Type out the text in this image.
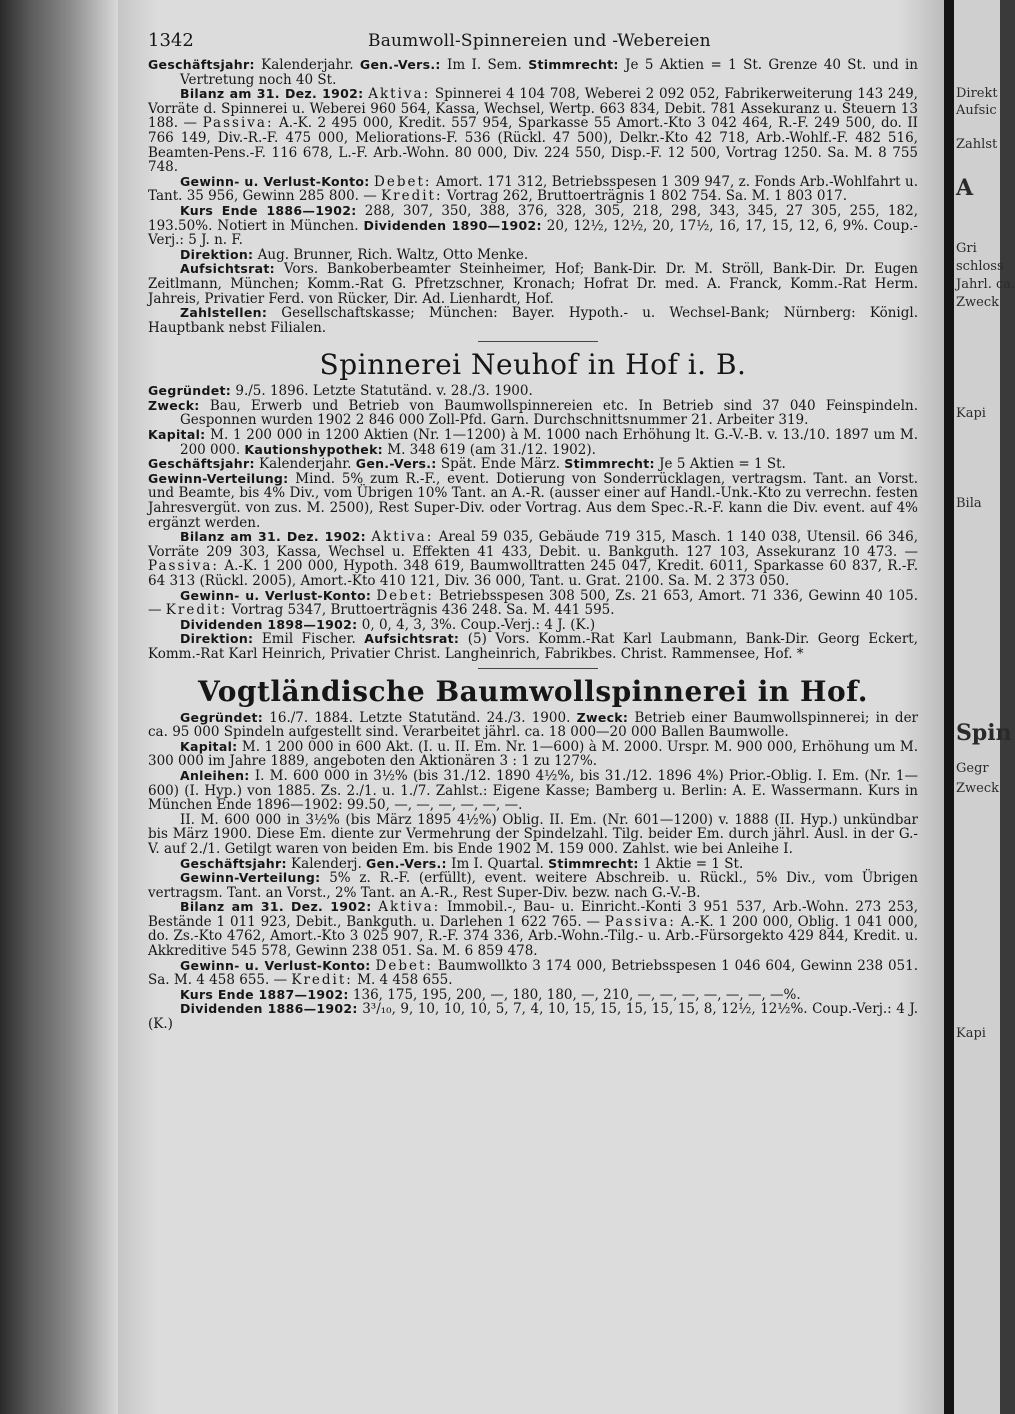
1342	Baumwoll-Spinnereien und -Webereien

Geschäftsjahr: Kalenderjahr. Gen.-Vers.: Im I. Sem. Stimmrecht: Je 5 Aktien = 1 St. Grenze 40 St. und in Vertretung noch 40 St.

Bilanz am 31. Dez. 1902: Aktiva: Spinnerei 4 104 708, Weberei 2 092 052, Fabrikerweiterung 143 249, Vorräte d. Spinnerei u. Weberei 960 564, Kassa, Wechsel, Wertp. 663 834, Debit. 781 Assekuranz u. Steuern 13 188. — Passiva: A.-K. 2 495 000, Kredit. 557 954, Sparkasse 55 Amort.-Kto 3 042 464, R.-F. 249 500, do. II 766 149, Div.-R.-F. 475 000, Meliorations-F. 536 (Rückl. 47 500), Delkr.-Kto 42 718, Arb.-Wohlf.-F. 482 516, Beamten-Pens.-F. 116 678, L.-F. Arb.-Wohn. 80 000, Div. 224 550, Disp.-F. 12 500, Vortrag 1250. Sa. M. 8 755 748.

Gewinn- u. Verlust-Konto: Debet: Amort. 171 312, Betriebsspesen 1 309 947, z. Fonds Arb.-Wohlfahrt u. Tant. 35 956, Gewinn 285 800. — Kredit: Vortrag 262, Bruttoerträgnis 1 802 754. Sa. M. 1 803 017.

Kurs Ende 1886—1902: 288, 307, 350, 388, 376, 328, 305, 218, 298, 343, 345, 27 305, 255, 182, 193.50%. Notiert in München. Dividenden 1890—1902: 20, 12½, 12½, 20, 17½, 16, 17, 15, 12, 6, 9%. Coup.-Verj.: 5 J. n. F.

Direktion: Aug. Brunner, Rich. Waltz, Otto Menke.

Aufsichtsrat: Vors. Bankoberbeamter Steinheimer, Hof; Bank-Dir. Dr. M. Ströll, Bank-Dir. Dr. Eugen Zeitlmann, München; Komm.-Rat G. Pfretzschner, Kronach; Hofrat Dr. med. A. Franck, Komm.-Rat Herm. Jahreis, Privatier Ferd. von Rücker, Dir. Ad. Lienhardt, Hof.

Zahlstellen: Gesellschaftskasse; München: Bayer. Hypoth.- u. Wechsel-Bank; Nürnberg: Königl. Hauptbank nebst Filialen.

Spinnerei Neuhof in Hof i. B.

Gegründet: 9./5. 1896. Letzte Statutänd. v. 28./3. 1900.

Zweck: Bau, Erwerb und Betrieb von Baumwollspinnereien etc. In Betrieb sind 37 040 Feinspindeln. Gesponnen wurden 1902 2 846 000 Zoll-Pfd. Garn. Durchschnittsnummer 21. Arbeiter 319.

Kapital: M. 1 200 000 in 1200 Aktien (Nr. 1—1200) à M. 1000 nach Erhöhung lt. G.-V.-B. v. 13./10. 1897 um M. 200 000. Kautionshypothek: M. 348 619 (am 31./12. 1902).

Geschäftsjahr: Kalenderjahr. Gen.-Vers.: Spät. Ende März. Stimmrecht: Je 5 Aktien = 1 St.

Gewinn-Verteilung: Mind. 5% zum R.-F., event. Dotierung von Sonderrücklagen, vertragsm. Tant. an Vorst. und Beamte, bis 4% Div., vom Übrigen 10% Tant. an A.-R. (ausser einer auf Handl.-Unk.-Kto zu verrechn. festen Jahresvergüt. von zus. M. 2500), Rest Super-Div. oder Vortrag. Aus dem Spec.-R.-F. kann die Div. event. auf 4% ergänzt werden.

Bilanz am 31. Dez. 1902: Aktiva: Areal 59 035, Gebäude 719 315, Masch. 1 140 038, Utensil. 66 346, Vorräte 209 303, Kassa, Wechsel u. Effekten 41 433, Debit. u. Bankguth. 127 103, Assekuranz 10 473. — Passiva: A.-K. 1 200 000, Hypoth. 348 619, Baumwolltratten 245 047, Kredit. 6011, Sparkasse 60 837, R.-F. 64 313 (Rückl. 2005), Amort.-Kto 410 121, Div. 36 000, Tant. u. Grat. 2100. Sa. M. 2 373 050.

Gewinn- u. Verlust-Konto: Debet: Betriebsspesen 308 500, Zs. 21 653, Amort. 71 336, Gewinn 40 105. — Kredit: Vortrag 5347, Bruttoerträgnis 436 248. Sa. M. 441 595.

Dividenden 1898—1902: 0, 0, 4, 3, 3%. Coup.-Verj.: 4 J. (K.)

Direktion: Emil Fischer. Aufsichtsrat: (5) Vors. Komm.-Rat Karl Laubmann, Bank-Dir. Georg Eckert, Komm.-Rat Karl Heinrich, Privatier Christ. Langheinrich, Fabrikbes. Christ. Rammensee, Hof. *

Vogtländische Baumwollspinnerei in Hof.

Gegründet: 16./7. 1884. Letzte Statutänd. 24./3. 1900. Zweck: Betrieb einer Baumwollspinnerei; in der ca. 95 000 Spindeln aufgestellt sind. Verarbeitet jährl. ca. 18 000—20 000 Ballen Baumwolle.

Kapital: M. 1 200 000 in 600 Akt. (I. u. II. Em. Nr. 1—600) à M. 2000. Urspr. M. 900 000, Erhöhung um M. 300 000 im Jahre 1889, angeboten den Aktionären 3 : 1 zu 127%.

Anleihen: I. M. 600 000 in 3½% (bis 31./12. 1890 4½%, bis 31./12. 1896 4%) Prior.-Oblig. I. Em. (Nr. 1—600) (I. Hyp.) von 1885. Zs. 2./1. u. 1./7. Zahlst.: Eigene Kasse; Bamberg u. Berlin: A. E. Wassermann. Kurs in München Ende 1896—1902: 99.50, —, —, —, —, —, —.

II. M. 600 000 in 3½% (bis März 1895 4½%) Oblig. II. Em. (Nr. 601—1200) v. 1888 (II. Hyp.) unkündbar bis März 1900. Diese Em. diente zur Vermehrung der Spindelzahl. Tilg. beider Em. durch jährl. Ausl. in der G.-V. auf 2./1. Getilgt waren von beiden Em. bis Ende 1902 M. 159 000. Zahlst. wie bei Anleihe I.

Geschäftsjahr: Kalenderj. Gen.-Vers.: Im I. Quartal. Stimmrecht: 1 Aktie = 1 St.

Gewinn-Verteilung: 5% z. R.-F. (erfüllt), event. weitere Abschreib. u. Rückl., 5% Div., vom Übrigen vertragsm. Tant. an Vorst., 2% Tant. an A.-R., Rest Super-Div. bezw. nach G.-V.-B.

Bilanz am 31. Dez. 1902: Aktiva: Immobil.-, Bau- u. Einricht.-Konti 3 951 537, Arb.-Wohn. 273 253, Bestände 1 011 923, Debit., Bankguth. u. Darlehen 1 622 765. — Passiva: A.-K. 1 200 000, Oblig. 1 041 000, do. Zs.-Kto 4762, Amort.-Kto 3 025 907, R.-F. 374 336, Arb.-Wohn.-Tilg.- u. Arb.-Fürsorgekto 429 844, Kredit. u. Akkreditive 545 578, Gewinn 238 051. Sa. M. 6 859 478.

Gewinn- u. Verlust-Konto: Debet: Baumwollkto 3 174 000, Betriebsspesen 1 046 604, Gewinn 238 051. Sa. M. 4 458 655. — Kredit: M. 4 458 655.

Kurs Ende 1887—1902: 136, 175, 195, 200, —, 180, 180, —, 210, —, —, —, —, —, —, —%.

Dividenden 1886—1902: 3³/₁₀, 9, 10, 10, 10, 5, 7, 4, 10, 15, 15, 15, 15, 15, 8, 12½, 12½%. Coup.-Verj.: 4 J. (K.)

Direkt
Aufsic
Zahlst
A
Gri
schloss
Jahrl. ca.
Zweck
Kapi
Bila
Spin
Gegr
Zweck
Kapi
